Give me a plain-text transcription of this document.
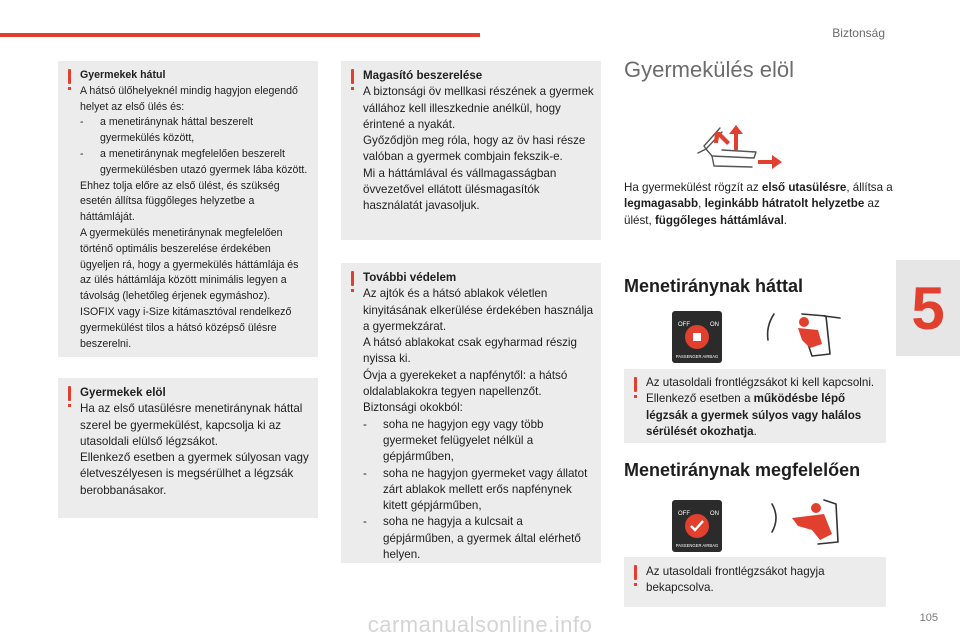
Biztonság
5
Gyermekek hátul

A hátsó ülőhelyeknél mindig hagyjon elegendő helyet az első ülés és:

- a menetiránynak háttal beszerelt gyermekülés között,
- a menetiránynak megfelelően beszerelt gyermekülésben utazó gyermek lába között.

Ehhez tolja előre az első ülést, és szükség esetén állítsa függőleges helyzetbe a háttámláját.

A gyermekülés menetiránynak megfelelően történő optimális beszerelése érdekében ügyeljen rá, hogy a gyermekülés háttámlája és az ülés háttámlája között minimális legyen a távolság (lehetőleg érjenek egymáshoz).

ISOFIX vagy i-Size kitámasztóval rendelkező gyermekülést tilos a hátsó középső ülésre beszerelni.

Gyermekek elöl

Ha az első utasülésre menetiránynak háttal szerel be gyermekülést, kapcsolja ki az utasoldali elülső légzsákot.

Ellenkező esetben a gyermek súlyosan vagy életveszélyesen is megsérülhet a légzsák berobbanásakor.

Magasító beszerelése

A biztonsági öv mellkasi részének a gyermek vállához kell illeszkednie anélkül, hogy érintené a nyakát.

Győződjön meg róla, hogy az öv hasi része valóban a gyermek combjain fekszik-e.

Mi a háttámlával és vállmagasságban övvezetővel ellátott ülésmagasítók használatát javasoljuk.

További védelem

Az ajtók és a hátsó ablakok véletlen kinyitásának elkerülése érdekében használja a gyermekzárat.

A hátsó ablakokat csak egyharmad részig nyissa ki.

Óvja a gyerekeket a napfénytől: a hátsó oldalablakokra tegyen napellenzőt.

Biztonsági okokból:

- soha ne hagyjon egy vagy több gyermeket felügyelet nélkül a gépjárműben,
- soha ne hagyjon gyermeket vagy állatot zárt ablakok mellett erős napfénynek kitett gépjárműben,
- soha ne hagyja a kulcsait a gépjárműben, a gyermek által elérhető helyen.
Gyermekülés elöl
Ha gyermekülést rögzít az első utasülésre, állítsa a legmagasabb, leginkább hátratolt helyzetbe az ülést, függőleges háttámlával.
Menetiránynak háttal
OFF	ON
PASSENGER AIRBAG
Az utasoldali frontlégzsákot ki kell kapcsolni. Ellenkező esetben a működésbe lépő légzsák a gyermek súlyos vagy halálos sérülését okozhatja.
Menetiránynak megfelelően
OFF	ON
PASSENGER AIRBAG
Az utasoldali frontlégzsákot hagyja bekapcsolva.
carmanualsonline.info	105
